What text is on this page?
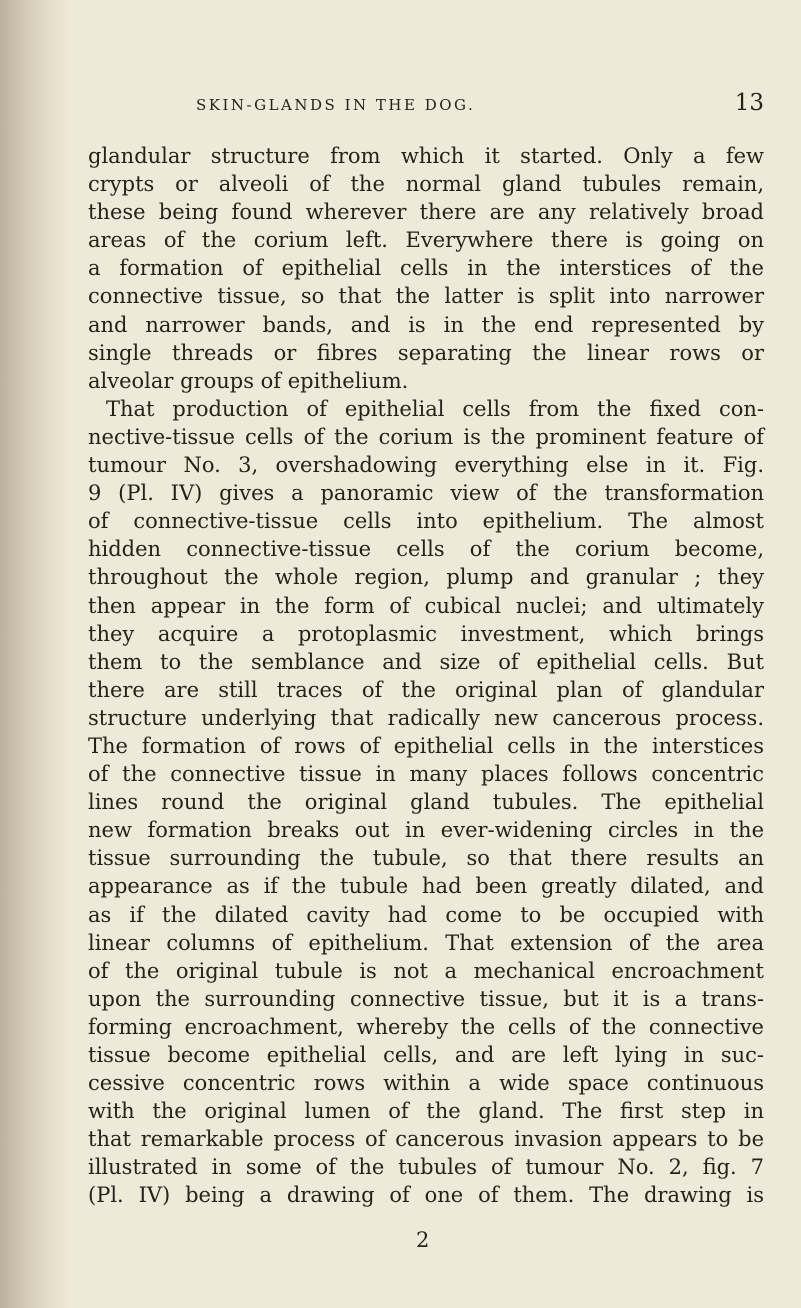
SKIN-GLANDS IN THE DOG.	13
glandular structure from which it started. Only a few
crypts or alveoli of the normal gland tubules remain,
these being found wherever there are any relatively broad
areas of the corium left. Everywhere there is going on
a formation of epithelial cells in the interstices of the
connective tissue, so that the latter is split into narrower
and narrower bands, and is in the end represented by
single threads or fibres separating the linear rows or
alveolar groups of epithelium.
That production of epithelial cells from the fixed con-
nective-tissue cells of the corium is the prominent feature of
tumour No. 3, overshadowing everything else in it. Fig.
9 (Pl. IV) gives a panoramic view of the transformation
of connective-tissue cells into epithelium. The almost
hidden connective-tissue cells of the corium become,
throughout the whole region, plump and granular ; they
then appear in the form of cubical nuclei; and ultimately
they acquire a protoplasmic investment, which brings
them to the semblance and size of epithelial cells. But
there are still traces of the original plan of glandular
structure underlying that radically new cancerous process.
The formation of rows of epithelial cells in the interstices
of the connective tissue in many places follows concentric
lines round the original gland tubules. The epithelial
new formation breaks out in ever-widening circles in the
tissue surrounding the tubule, so that there results an
appearance as if the tubule had been greatly dilated, and
as if the dilated cavity had come to be occupied with
linear columns of epithelium. That extension of the area
of the original tubule is not a mechanical encroachment
upon the surrounding connective tissue, but it is a trans-
forming encroachment, whereby the cells of the connective
tissue become epithelial cells, and are left lying in suc-
cessive concentric rows within a wide space continuous
with the original lumen of the gland. The first step in
that remarkable process of cancerous invasion appears to be
illustrated in some of the tubules of tumour No. 2, fig. 7
(Pl. IV) being a drawing of one of them. The drawing is
2
